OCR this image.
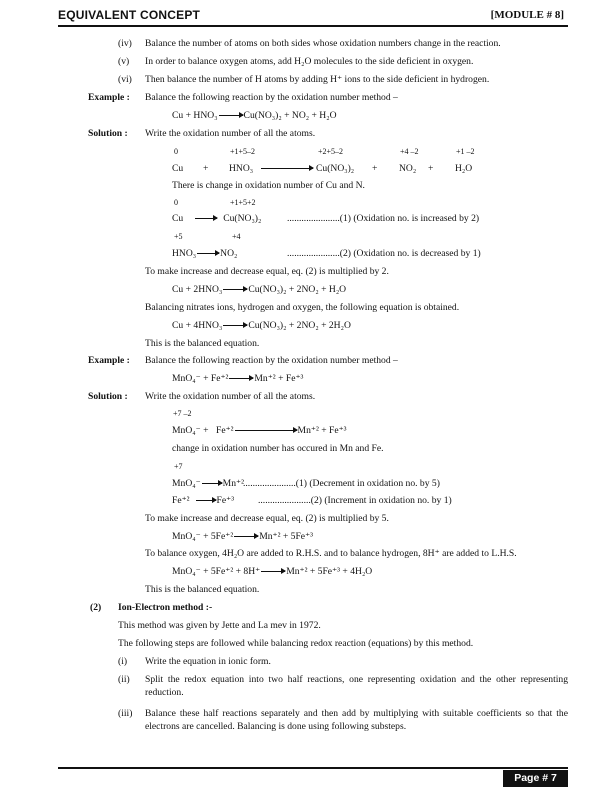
EQUIVALENT CONCEPT	[MODULE # 8]
(iv) Balance the number of atoms on both sides whose oxidation numbers change in the reaction.
(v) In order to balance oxygen atoms, add H₂O molecules to the side deficient in oxygen.
(vi) Then balance the number of H atoms by adding H⁺ ions to the side deficient in hydrogen.
Example : Balance the following reaction by the oxidation number method –
Cu + HNO₃	Cu(NO₃)₂ + NO₂ + H₂O
Solution : Write the oxidation number of all the atoms.
0	+1+5–2	+2+5–2	+4 –2	+1 –2
Cu + HNO₃ → Cu(NO₃)₂ + NO₂ + H₂O
There is change in oxidation number of Cu and N.
0	+1+5+2
Cu	Cu(NO₃)₂	......................(1) (Oxidation no. is increased by 2)
+5	+4
HNO₃	NO₂	......................(2) (Oxidation no. is decreased by 1)
To make increase and decrease equal, eq. (2) is multiplied by 2.
Cu + 2HNO₃	Cu(NO₃)₂ + 2NO₂ + H₂O
Balancing nitrates ions, hydrogen and oxygen, the following equation is obtained.
Cu + 4HNO₃	Cu(NO₃)₂ + 2NO₂ + 2H₂O
This is the balanced equation.
Example : Balance the following reaction by the oxidation number method –
MnO₄⁻ + Fe⁺²	Mn⁺² + Fe⁺³
Solution : Write the oxidation number of all the atoms.
+7 –2
MnO₄⁻ + Fe⁺²	Mn⁺² + Fe⁺³
change in oxidation number has occured in Mn and Fe.
+7
MnO₄⁻ Mn⁺² ......................(1) (Decrement in oxidation no. by 5)
Fe⁺²	Fe⁺³ ......................(2) (Increment in oxidation no. by 1)
To make increase and decrease equal, eq. (2) is multiplied by 5.
MnO₄⁻ + 5Fe⁺²	Mn⁺² + 5Fe⁺³
To balance oxygen, 4H₂O are added to R.H.S. and to balance hydrogen, 8H⁺ are added to L.H.S.
MnO₄⁻ + 5Fe⁺² + 8H⁺	Mn⁺² + 5Fe⁺³ + 4H₂O
This is the balanced equation.
(2) Ion-Electron method :-
This method was given by Jette and La mev in 1972.
The following steps are followed while balancing redox reaction (equations) by this method.
(i) Write the equation in ionic form.
(ii) Split the redox equation into two half reactions, one representing oxidation and the other representing reduction.
(iii) Balance these half reactions separately and then add by multiplying with suitable coefficients so that the electrons are cancelled. Balancing is done using following substeps.
Page # 7
